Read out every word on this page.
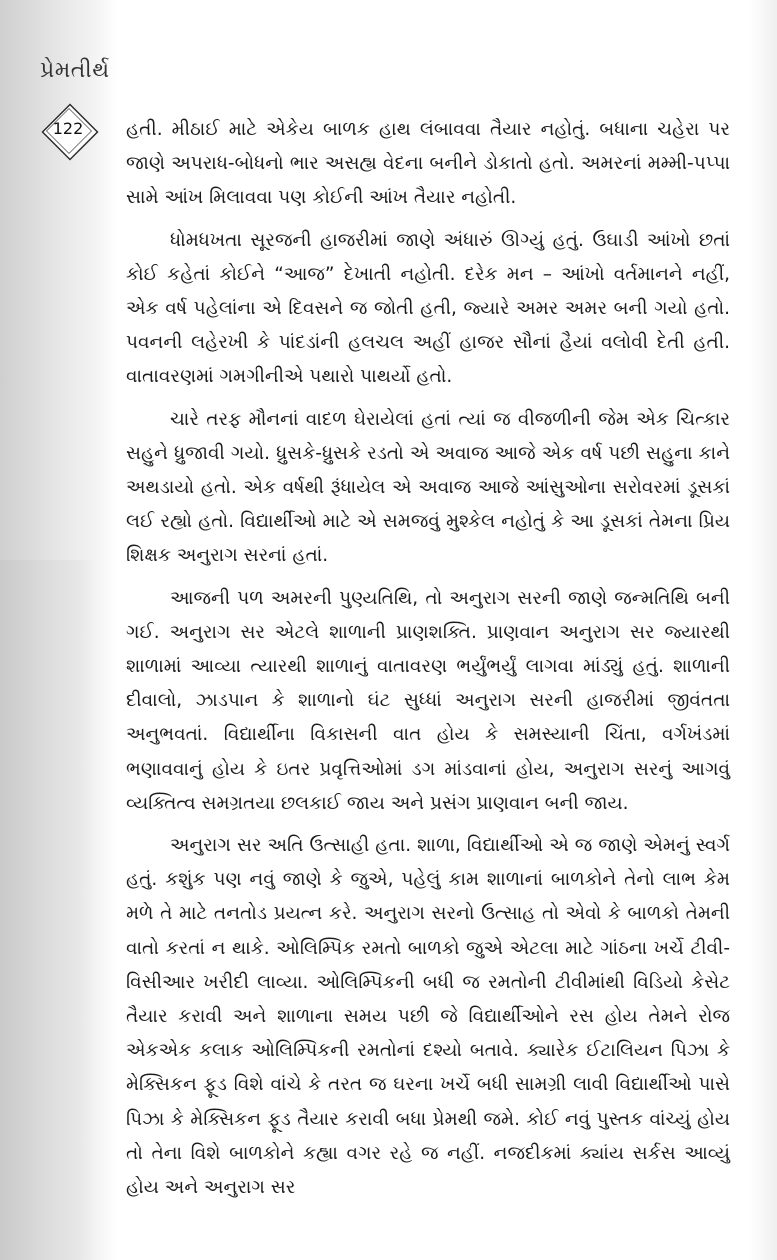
પ્રેમતીર્થ
122	હતી. મીઠાઈ માટે એકેય બાળક હાથ લંબાવવા તૈયાર નહોતું. બધાના ચહેરા પર જાણે અપરાધ-બોધનો ભાર અસહ્ય વેદના બનીને ડોકાતો હતો. અમરનાં મમ્મી-પપ્પા સામે આંખ મિલાવવા પણ કોઈની આંખ તૈયાર નહોતી.

ધોમધખતા સૂરજની હાજરીમાં જાણે અંધારું ઊગ્યું હતું. ઉઘાડી આંખો છતાં કોઈ કહેતાં કોઈને “આજ” દેખાતી નહોતી. દરેક મન – આંખો વર્તમાનને નહીં, એક વર્ષ પહેલાંના એ દિવસને જ જોતી હતી, જ્યારે અમર અમર બની ગયો હતો. પવનની લહેરખી કે પાંદડાંની હલચલ અહીં હાજર સૌનાં હૈયાં વલોવી દેતી હતી. વાતાવરણમાં ગમગીનીએ પથારો પાથર્યો હતો.

ચારે તરફ મૌનનાં વાદળ ઘેરાયેલાં હતાં ત્યાં જ વીજળીની જેમ એક ચિત્કાર સહુને ધ્રુજાવી ગયો. ધ્રુસકે-ધ્રુસકે રડતો એ અવાજ આજે એક વર્ષ પછી સહુના કાને અથડાયો હતો. એક વર્ષથી રૂંધાયેલ એ અવાજ આજે આંસુઓના સરોવરમાં ડૂસકાં લઈ રહ્યો હતો. વિદ્યાર્થીઓ માટે એ સમજવું મુશ્કેલ નહોતું કે આ ડૂસકાં તેમના પ્રિય શિક્ષક અનુરાગ સરનાં હતાં.

આજની પળ અમરની પુણ્યતિથિ, તો અનુરાગ સરની જાણે જન્મતિથિ બની ગઈ. અનુરાગ સર એટલે શાળાની પ્રાણશક્તિ. પ્રાણવાન અનુરાગ સર જ્યારથી શાળામાં આવ્યા ત્યારથી શાળાનું વાતાવરણ ભર્યુંભર્યું લાગવા માંડ્યું હતું. શાળાની દીવાલો, ઝાડપાન કે શાળાનો ઘંટ સુધ્ધાં અનુરાગ સરની હાજરીમાં જીવંતતા અનુભવતાં. વિદ્યાર્થીના વિકાસની વાત હોય કે સમસ્યાની ચિંતા, વર્ગખંડમાં ભણાવવાનું હોય કે ઇતર પ્રવૃત્તિઓમાં ડગ માંડવાનાં હોય, અનુરાગ સરનું આગવું વ્યક્તિત્વ સમગ્રતયા છલકાઈ જાય અને પ્રસંગ પ્રાણવાન બની જાય.

અનુરાગ સર અતિ ઉત્સાહી હતા. શાળા, વિદ્યાર્થીઓ એ જ જાણે એમનું સ્વર્ગ હતું. કશુંક પણ નવું જાણે કે જુએ, પહેલું કામ શાળાનાં બાળકોને તેનો લાભ કેમ મળે તે માટે તનતોડ પ્રયત્ન કરે. અનુરાગ સરનો ઉત્સાહ તો એવો કે બાળકો તેમની વાતો કરતાં ન થાકે. ઓલિમ્પિક રમતો બાળકો જુએ એટલા માટે ગાંઠના ખર્ચે ટીવી-વિસીઆર ખરીદી લાવ્યા. ઓલિમ્પિકની બધી જ રમતોની ટીવીમાંથી વિડિયો કેસેટ તૈયાર કરાવી અને શાળાના સમય પછી જે વિદ્યાર્થીઓને રસ હોય તેમને રોજ એકએક કલાક ઓલિમ્પિકની રમતોનાં દશ્યો બતાવે. ક્યારેક ઈટાલિયન પિઝા કે મેક્સિકન ફૂડ વિશે વાંચે કે તરત જ ઘરના ખર્ચે બધી સામગ્રી લાવી વિદ્યાર્થીઓ પાસે પિઝા કે મેક્સિકન ફૂડ તૈયાર કરાવી બધા પ્રેમથી જમે. કોઈ નવું પુસ્તક વાંચ્યું હોય તો તેના વિશે બાળકોને કહ્યા વગર રહે જ નહીં. નજદીકમાં ક્યાંય સર્કસ આવ્યું હોય અને અનુરાગ સર
